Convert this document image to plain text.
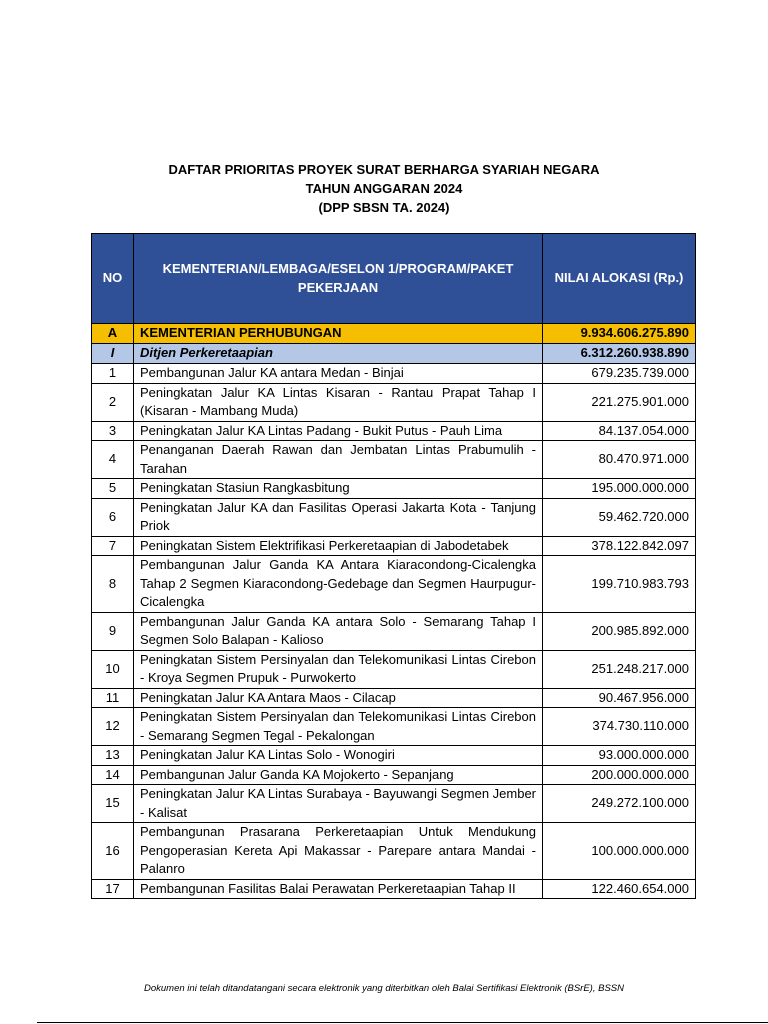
DAFTAR PRIORITAS PROYEK SURAT BERHARGA SYARIAH NEGARA
TAHUN ANGGARAN 2024
(DPP SBSN TA. 2024)
NO	KEMENTERIAN/LEMBAGA/ESELON 1/PROGRAM/PAKET PEKERJAAN	NILAI ALOKASI (Rp.)
A	KEMENTERIAN PERHUBUNGAN	9.934.606.275.890
I	Ditjen Perkeretaapian	6.312.260.938.890
1	Pembangunan Jalur KA antara Medan - Binjai	679.235.739.000
2	Peningkatan Jalur KA Lintas Kisaran - Rantau Prapat Tahap I (Kisaran - Mambang Muda)	221.275.901.000
3	Peningkatan Jalur KA Lintas Padang - Bukit Putus - Pauh Lima	84.137.054.000
4	Penanganan Daerah Rawan dan Jembatan Lintas Prabumulih - Tarahan	80.470.971.000
5	Peningkatan Stasiun Rangkasbitung	195.000.000.000
6	Peningkatan Jalur KA dan Fasilitas Operasi Jakarta Kota - Tanjung Priok	59.462.720.000
7	Peningkatan Sistem Elektrifikasi Perkeretaapian di Jabodetabek	378.122.842.097
8	Pembangunan Jalur Ganda KA Antara Kiaracondong-Cicalengka Tahap 2 Segmen Kiaracondong-Gedebage dan Segmen Haurpugur-Cicalengka	199.710.983.793
9	Pembangunan Jalur Ganda KA antara Solo - Semarang Tahap I Segmen Solo Balapan - Kalioso	200.985.892.000
10	Peningkatan Sistem Persinyalan dan Telekomunikasi Lintas Cirebon - Kroya Segmen Prupuk - Purwokerto	251.248.217.000
11	Peningkatan Jalur KA Antara Maos - Cilacap	90.467.956.000
12	Peningkatan Sistem Persinyalan dan Telekomunikasi Lintas Cirebon - Semarang Segmen Tegal - Pekalongan	374.730.110.000
13	Peningkatan Jalur KA Lintas Solo - Wonogiri	93.000.000.000
14	Pembangunan Jalur Ganda KA Mojokerto - Sepanjang	200.000.000.000
15	Peningkatan Jalur KA Lintas Surabaya - Bayuwangi Segmen Jember - Kalisat	249.272.100.000
16	Pembangunan Prasarana Perkeretaapian Untuk Mendukung Pengoperasian Kereta Api Makassar - Parepare antara Mandai - Palanro	100.000.000.000
17	Pembangunan Fasilitas Balai Perawatan Perkeretaapian Tahap II	122.460.654.000
Dokumen ini telah ditandatangani secara elektronik yang diterbitkan oleh Balai Sertifikasi Elektronik (BSrE), BSSN
